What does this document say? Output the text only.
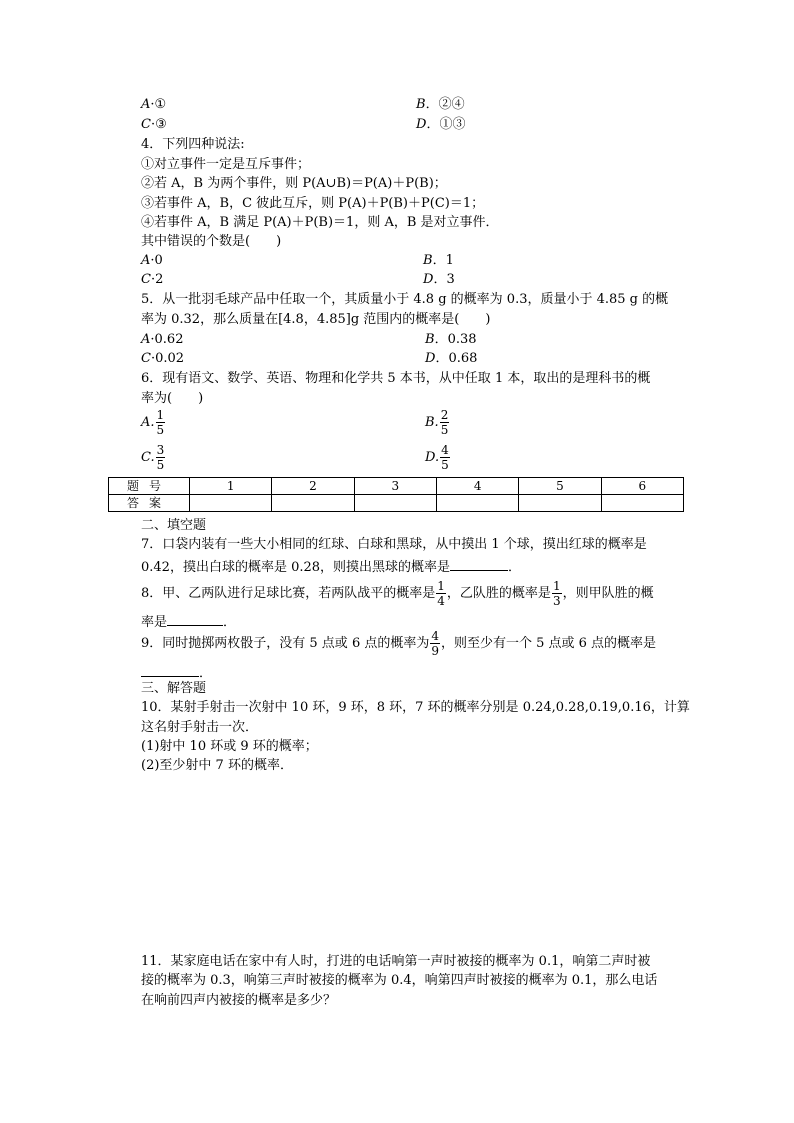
A·①	B．②④
C·③	D．①③
4．下列四种说法:
①对立事件一定是互斥事件；
②若 A，B 为两个事件，则 P(A∪B)＝P(A)＋P(B)；
③若事件 A，B，C 彼此互斥，则 P(A)＋P(B)＋P(C)＝1；
④若事件 A，B 满足 P(A)＋P(B)＝1，则 A，B 是对立事件．
其中错误的个数是(　　)
A·0	B．1
C·2	D．3
5．从一批羽毛球产品中任取一个，其质量小于 4.8 g 的概率为 0.3，质量小于 4.85 g 的概
率为 0.32，那么质量在[4.8，4.85]g 范围内的概率是(　　)
A·0.62	B．0.38
C·0.02	D．0.68
6．现有语文、数学、英语、物理和化学共 5 本书，从中任取 1 本，取出的是理科书的概
率为(　　)
A. $\frac{1}{5}$	B. $\frac{2}{5}$
C. $\frac{3}{5}$	D. $\frac{4}{5}$
题号	1	2	3	4	5	6
答案						
二、填空题
7．口袋内装有一些大小相同的红球、白球和黑球，从中摸出 1 个球，摸出红球的概率是
0.42，摸出白球的概率是 0.28，则摸出黑球的概率是	．
8．甲、乙两队进行足球比赛，若两队战平的概率是 $\frac{1}{4}$ ，乙队胜的概率是 $\frac{1}{3}$ ，则甲队胜的概
率是	．
9．同时抛掷两枚骰子，没有 5 点或 6 点的概率为 $\frac{4}{9}$ ，则至少有一个 5 点或 6 点的概率是
．
三、解答题
10．某射手射击一次射中 10 环，9 环，8 环，7 环的概率分别是 0.24,0.28,0.19,0.16，计算
这名射手射击一次．
(1)射中 10 环或 9 环的概率；
(2)至少射中 7 环的概率．
11．某家庭电话在家中有人时，打进的电话响第一声时被接的概率为 0.1，响第二声时被
接的概率为 0.3，响第三声时被接的概率为 0.4，响第四声时被接的概率为 0.1，那么电话
在响前四声内被接的概率是多少？
